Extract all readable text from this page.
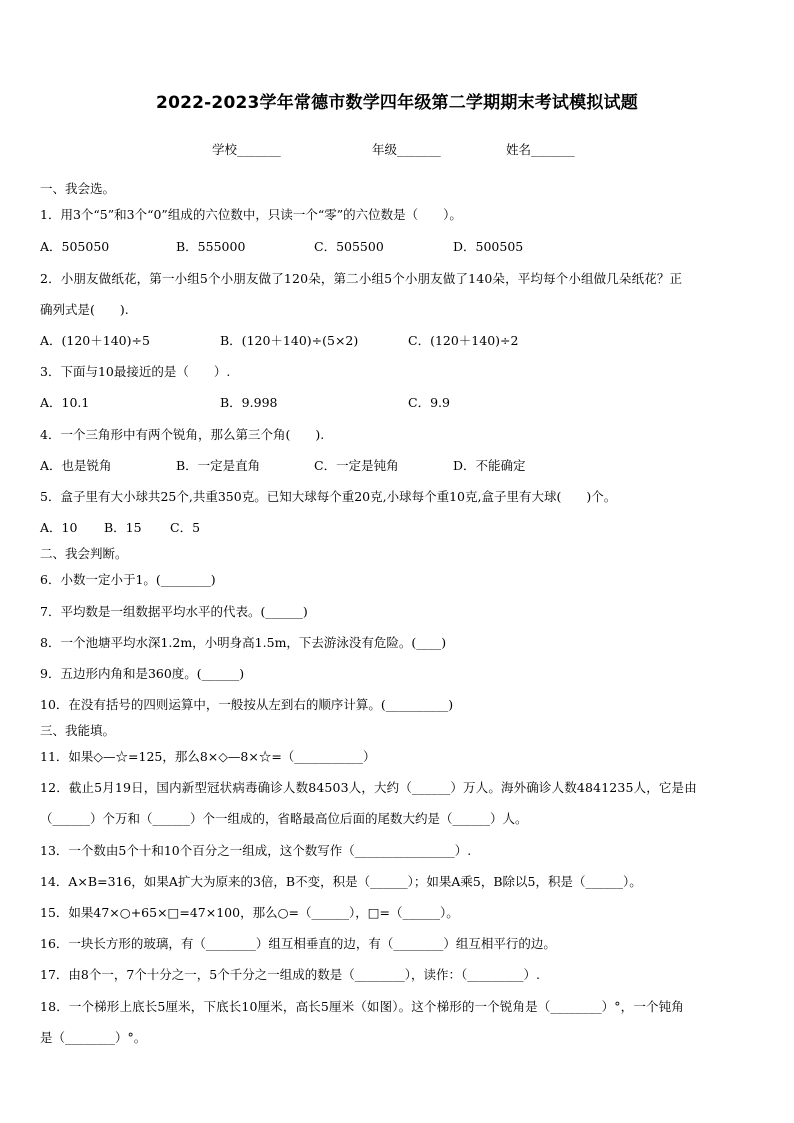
2022-2023学年常德市数学四年级第二学期期末考试模拟试题
学校_______	年级_______	姓名_______
一、我会选。
1．用3个“5”和3个“0”组成的六位数中，只读一个“零”的六位数是（　　）。
A．505050	B．555000	C．505500	D．500505
2．小朋友做纸花，第一小组5个小朋友做了120朵，第二小组5个小朋友做了140朵，平均每个小组做几朵纸花？正
确列式是(　　).
A．(120＋140)÷5	B．(120＋140)÷(5×2)	C．(120＋140)÷2
3．下面与10最接近的是（　　）.
A．10.1	B．9.998	C．9.9
4．一个三角形中有两个锐角，那么第三个角(　　).
A．也是锐角	B．一定是直角	C．一定是钝角	D．不能确定
5．盒子里有大小球共25个,共重350克。已知大球每个重20克,小球每个重10克,盒子里有大球(　　)个。
A．10 B．15 C．5
二、我会判断。
6．小数一定小于1。(________)
7．平均数是一组数据平均水平的代表。(______)
8．一个池塘平均水深1.2m，小明身高1.5m，下去游泳没有危险。(____)
9．五边形内角和是360度。(______)
10．在没有括号的四则运算中，一般按从左到右的顺序计算。(__________)
三、我能填。
11．如果◇—☆=125，那么8×◇—8×☆=（___________）
12．截止5月19日，国内新型冠状病毒确诊人数84503人，大约（______）万人。海外确诊人数4841235人，它是由
（______）个万和（______）个一组成的，省略最高位后面的尾数大约是（______）人。
13．一个数由5个十和10个百分之一组成，这个数写作（________________）.
14．A×B=316，如果A扩大为原来的3倍，B不变，积是（______）；如果A乘5，B除以5，积是（______）。
15．如果47×○+65×□=47×100，那么○=（______），□=（______）。
16．一块长方形的玻璃，有（________）组互相垂直的边，有（________）组互相平行的边。
17．由8个一，7个十分之一，5个千分之一组成的数是（________），读作：（_________）.
18．一个梯形上底长5厘米，下底长10厘米，高长5厘米（如图）。这个梯形的一个锐角是（________）°，一个钝角
是（________）°。
